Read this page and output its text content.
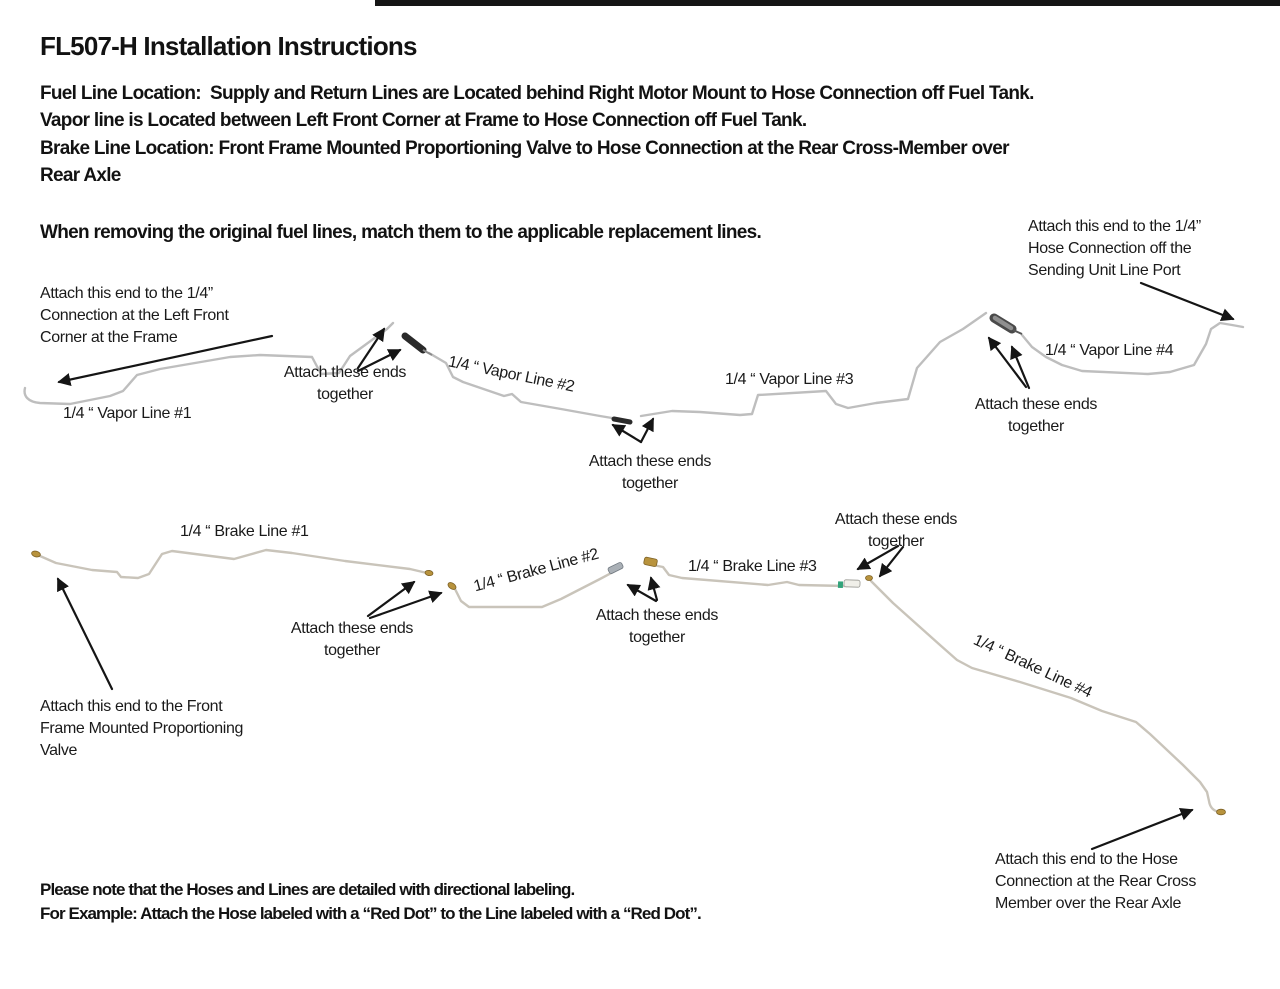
FL507-H Installation Instructions
Fuel Line Location:  Supply and Return Lines are Located behind Right Motor Mount to Hose Connection off Fuel Tank.
Vapor line is Located between Left Front Corner at Frame to Hose Connection off Fuel Tank.
Brake Line Location: Front Frame Mounted Proportioning Valve to Hose Connection at the Rear Cross-Member over
Rear Axle
When removing the original fuel lines, match them to the applicable replacement lines.	Attach this end to the 1/4”
Hose Connection off the
Sending Unit Line Port
Attach this end to the 1/4”
Connection at the Left Front
Corner at the Frame
Attach these ends together
Attach these ends together
Attach these ends together
Attach these ends together
Attach these ends together
Attach these ends together
Attach this end to the Front
Frame Mounted Proportioning
Valve
Attach this end to the Hose
Connection at the Rear Cross
Member over the Rear Axle
1/4 “ Vapor Line #1
1/4 “ Vapor Line #2	1/4 “ Vapor Line #3
1/4 “ Vapor Line #4
1/4 “ Brake Line #1
1/4 “ Brake Line #2	1/4 “ Brake Line #3
1/4 “ Brake Line #4
Please note that the Hoses and Lines are detailed with directional labeling.
For Example: Attach the Hose labeled with a “Red Dot” to the Line labeled with a “Red Dot”.
